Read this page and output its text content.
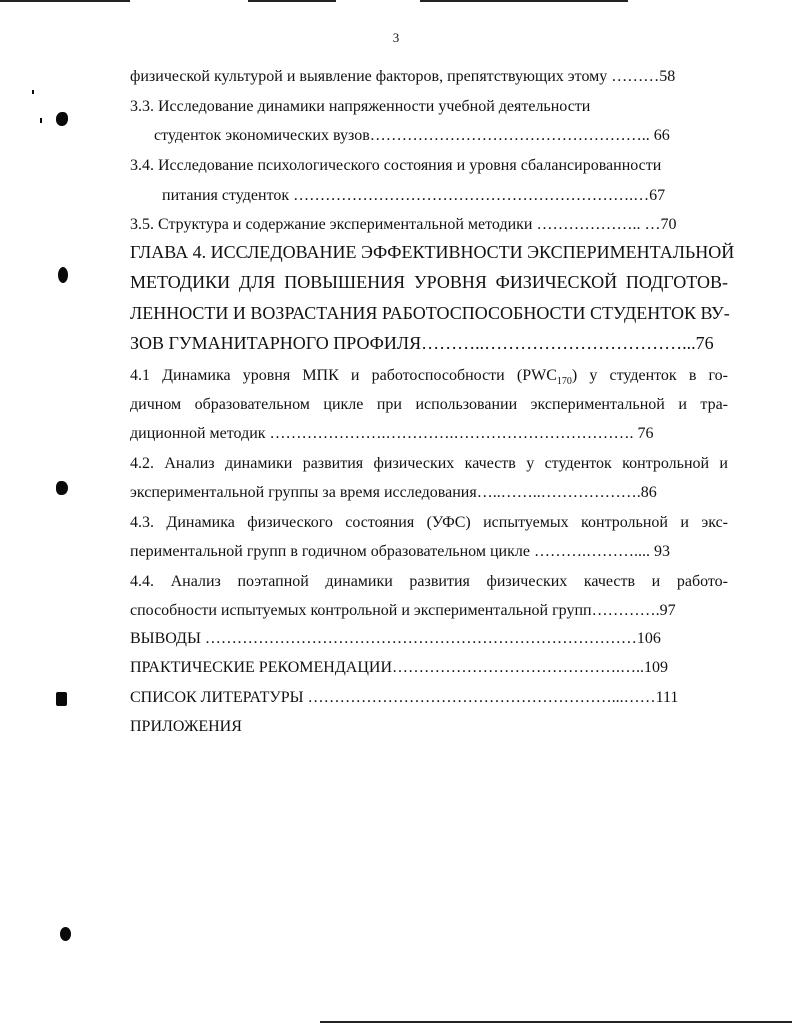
3
физической культурой и выявление факторов, препятствующих этому ………58
3.3. Исследование динамики напряженности учебной деятельности
студенток экономических вузов…………………………………………….. 66
3.4. Исследование психологического состояния и уровня сбалансированности
питания студенток ……………………………………………………….…67
3.5. Структура и содержание экспериментальной методики ……………….. …70
ГЛАВА 4. ИССЛЕДОВАНИЕ ЭФФЕКТИВНОСТИ ЭКСПЕРИМЕНТАЛЬНОЙ
МЕТОДИКИ ДЛЯ ПОВЫШЕНИЯ УРОВНЯ ФИЗИЧЕСКОЙ ПОДГОТОВ-
ЛЕННОСТИ И ВОЗРАСТАНИЯ РАБОТОСПОСОБНОСТИ СТУДЕНТОК ВУ-
ЗОВ ГУМАНИТАРНОГО ПРОФИЛЯ………..……………………………...76
4.1 Динамика уровня МПК и работоспособности $(PWC_{170})$ у студенток в го-
дичном образовательном цикле при использовании экспериментальной и тра-
диционной методик ………………….………….……………………………. 76
4.2. Анализ динамики развития физических качеств у студенток контрольной и
экспериментальной группы за время исследования…..……..……………….86
4.3. Динамика физического состояния (УФС) испытуемых контрольной и экс-
периментальной групп в годичном образовательном цикле ……….……….... 93
4.4. Анализ поэтапной динамики развития физических качеств и работо-
способности испытуемых контрольной и экспериментальной групп………….97
ВЫВОДЫ ………………………………………………………………………106
ПРАКТИЧЕСКИЕ РЕКОМЕНДАЦИИ…………………………………….…..109
СПИСОК ЛИТЕРАТУРЫ …………………………………………………...……111
ПРИЛОЖЕНИЯ
